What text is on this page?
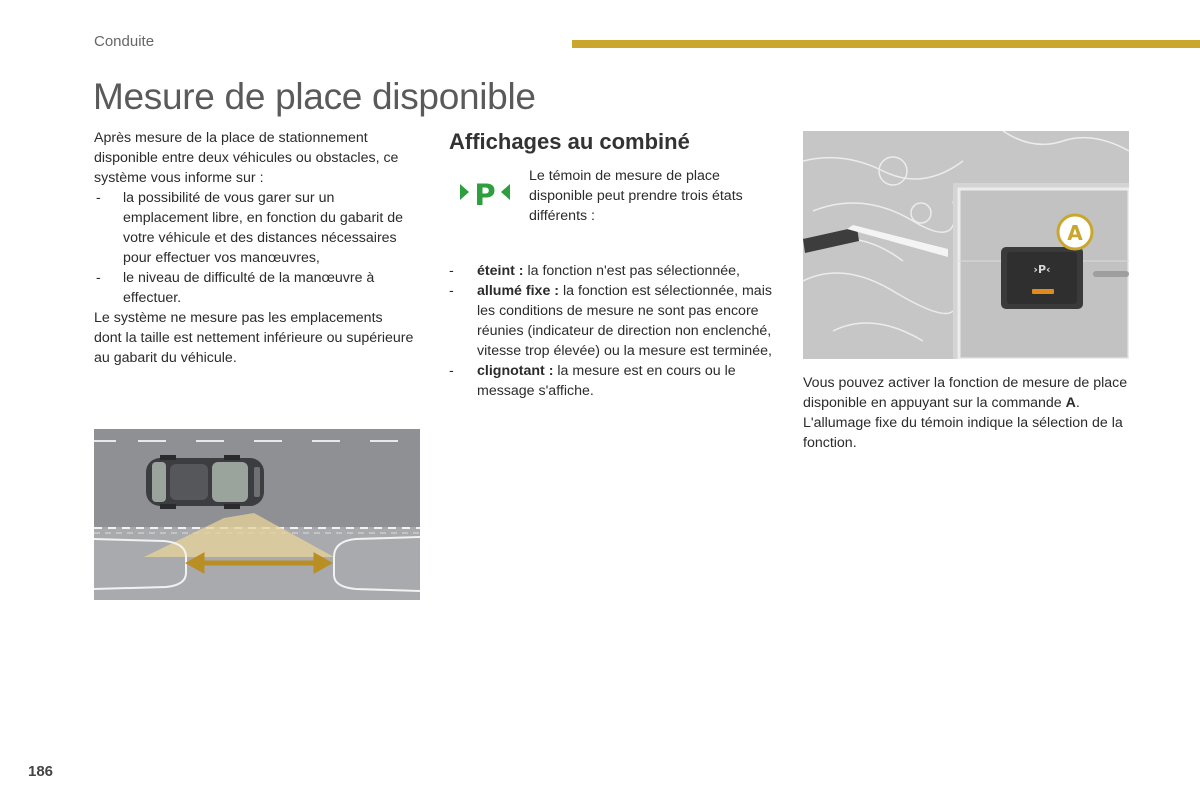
Conduite
Mesure de place disponible

Après mesure de la place de stationnement disponible entre deux véhicules ou obstacles, ce système vous informe sur :

- la possibilité de vous garer sur un emplacement libre, en fonction du gabarit de votre véhicule et des distances nécessaires pour effectuer vos manœuvres,
- le niveau de difficulté de la manœuvre à effectuer.

Le système ne mesure pas les emplacements dont la taille est nettement inférieure ou supérieure au gabarit du véhicule.

Affichages au combiné
P

Le témoin de mesure de place disponible peut prendre trois états différents :

- éteint : la fonction n'est pas sélectionnée,
- allumé fixe : la fonction est sélectionnée, mais les conditions de mesure ne sont pas encore réunies (indicateur de direction non enclenché, vitesse trop élevée) ou la mesure est terminée,
- clignotant : la mesure est en cours ou le message s'affiche.
›P‹
A

Vous pouvez activer la fonction de mesure de place disponible en appuyant sur la commande A. L'allumage fixe du témoin indique la sélection de la fonction.

186
